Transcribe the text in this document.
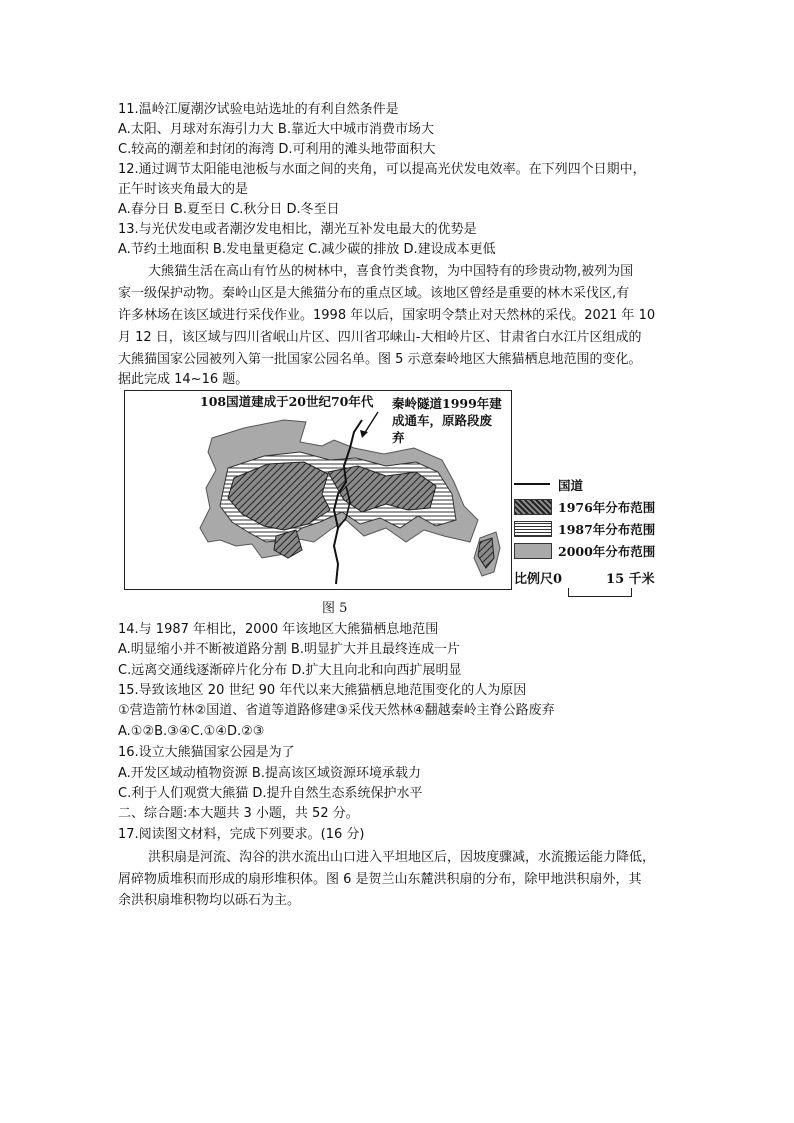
11.温岭江厦潮汐试验电站选址的有利自然条件是
A.太阳、月球对东海引力大 B.靠近大中城市消费市场大
C.较高的潮差和封闭的海湾 D.可利用的滩头地带面积大
12.通过调节太阳能电池板与水面之间的夹角，可以提高光伏发电效率。在下列四个日期中，
正午时该夹角最大的是
A.春分日 B.夏至日 C.秋分日 D.冬至日
13.与光伏发电或者潮汐发电相比，潮光互补发电最大的优势是
A.节约土地面积 B.发电量更稳定 C.减少碳的排放 D.建设成本更低
大熊猫生活在高山有竹丛的树林中，喜食竹类食物，为中国特有的珍贵动物,被列为国
家一级保护动物。秦岭山区是大熊猫分布的重点区域。该地区曾经是重要的林木采伐区,有
许多林场在该区域进行采伐作业。1998 年以后，国家明令禁止对天然林的采伐。2021 年 10
月 12 日，该区域与四川省岷山片区、四川省邛崃山-大相岭片区、甘肃省白水江片区组成的
大熊猫国家公园被列入第一批国家公园名单。图 5 示意秦岭地区大熊猫栖息地范围的变化。
据此完成 14~16 题。
108国道建成于20世纪70年代 秦岭隧道1999年建
成通车，原路段废
弃
国道
1976年分布范围
1987年分布范围
2000年分布范围
比例尺0	15 千米
图 5
14.与 1987 年相比，2000 年该地区大熊猫栖息地范围
A.明显缩小并不断被道路分割 B.明显扩大并且最终连成一片
C.远离交通线逐渐碎片化分布 D.扩大且向北和向西扩展明显
15.导致该地区 20 世纪 90 年代以来大熊猫栖息地范围变化的人为原因
①营造箭竹林②国道、省道等道路修建③采伐天然林④翻越秦岭主脊公路废弃
A.①②B.③④C.①④D.②③
16.设立大熊猫国家公园是为了
A.开发区域动植物资源 B.提高该区域资源环境承载力
C.利于人们观赏大熊猫 D.提升自然生态系统保护水平
二、综合题:本大题共 3 小题，共 52 分。
17.阅读图文材料，完成下列要求。(16 分)
洪积扇是河流、沟谷的洪水流出山口进入平坦地区后，因坡度骤减，水流搬运能力降低，
屑碎物质堆积而形成的扇形堆积体。图 6 是贺兰山东麓洪积扇的分布，除甲地洪积扇外，其
余洪积扇堆积物均以砾石为主。
